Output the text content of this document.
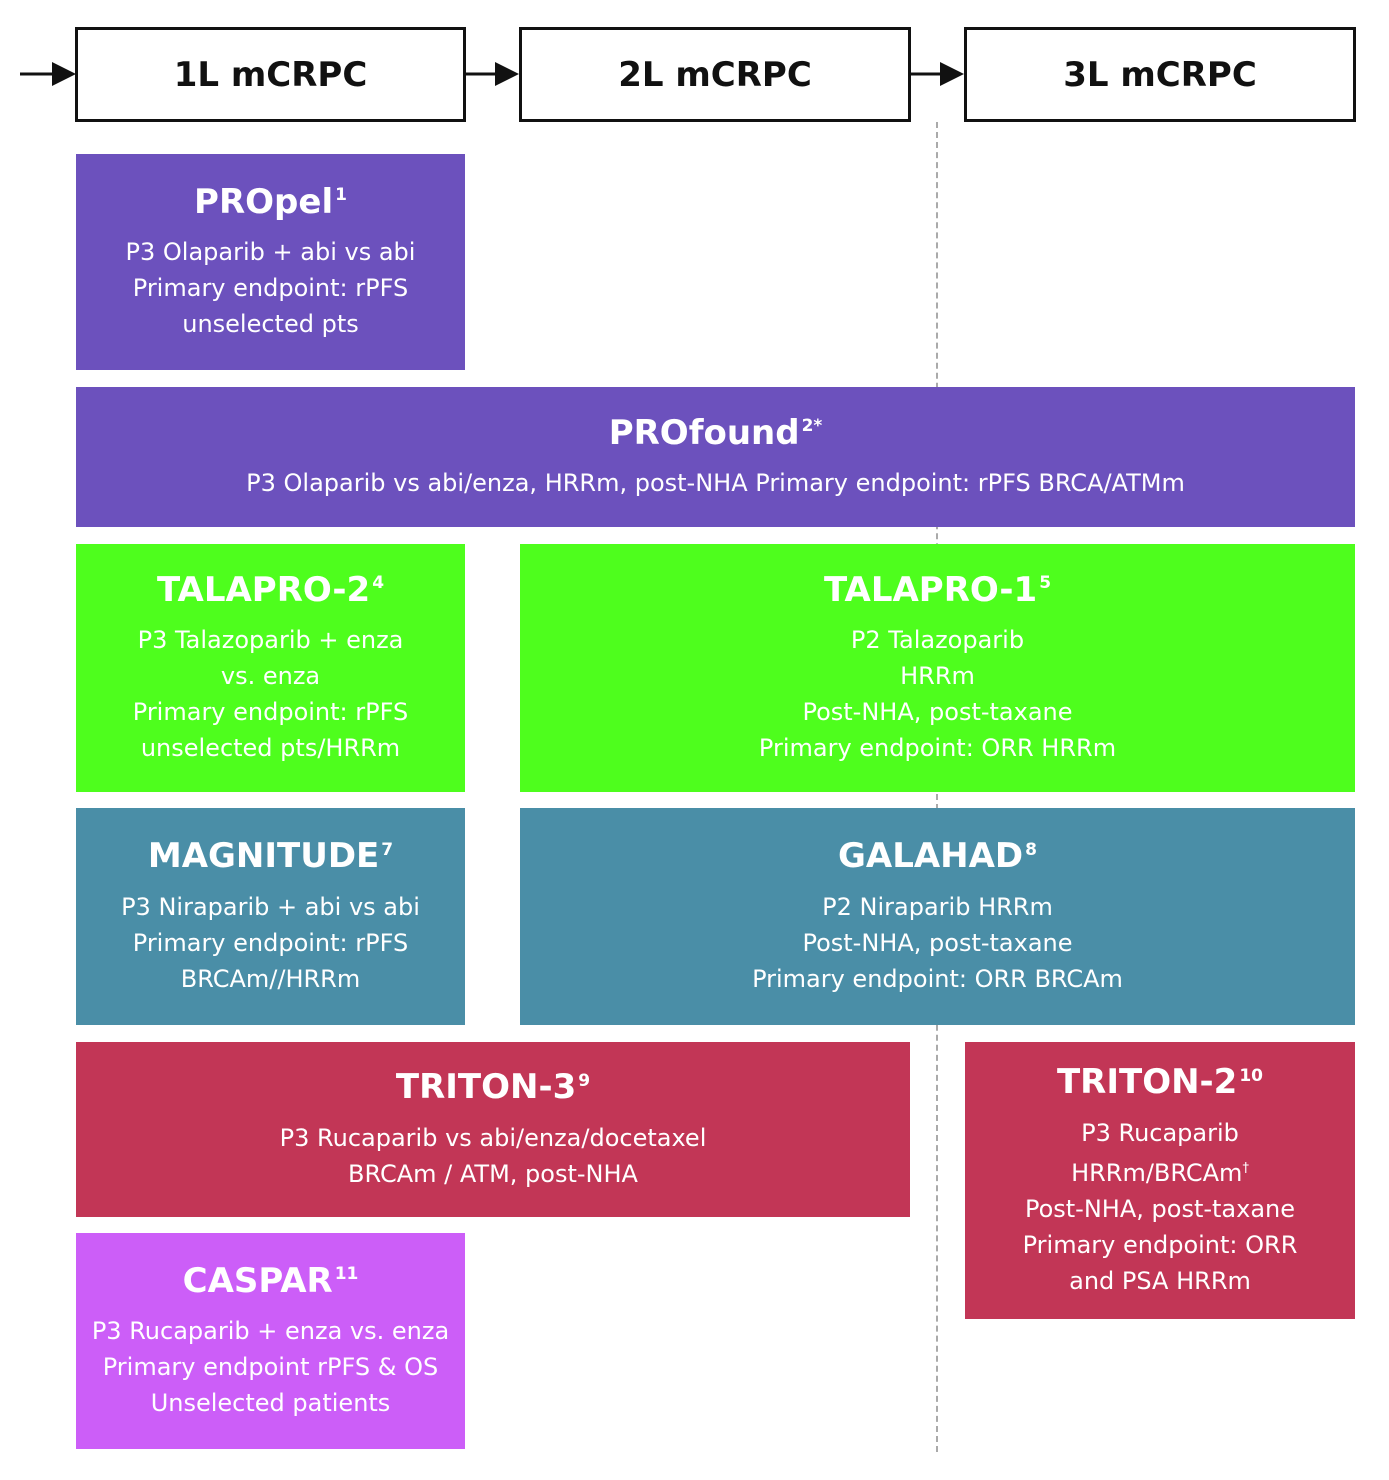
1L mCRPC	2L mCRPC	3L mCRPC
PROpel $^1$
P3 Olaparib + abi vs abi
Primary endpoint: rPFS
unselected pts
PROfound $^{2*}$
P3 Olaparib vs abi/enza, HRRm, post-NHA Primary endpoint: rPFS BRCA/ATMm
TALAPRO-2 $^4$
P3 Talazoparib + enza
vs. enza
Primary endpoint: rPFS
unselected pts/HRRm
TALAPRO-1 $^5$
P2 Talazoparib
HRRm
Post-NHA, post-taxane
Primary endpoint: ORR HRRm
MAGNITUDE $^7$
P3 Niraparib + abi vs abi
Primary endpoint: rPFS
BRCAm//HRRm
GALAHAD $^8$
P2 Niraparib HRRm
Post-NHA, post-taxane
Primary endpoint: ORR BRCAm
TRITON-3 $^9$
P3 Rucaparib vs abi/enza/docetaxel
BRCAm / ATM, post-NHA
TRITON-2 $^{10}$
P3 Rucaparib
HRRm/BRCAm†
Post-NHA, post-taxane
Primary endpoint: ORR
and PSA HRRm
CASPAR $^{11}$
P3 Rucaparib + enza vs. enza
Primary endpoint rPFS & OS
Unselected patients
